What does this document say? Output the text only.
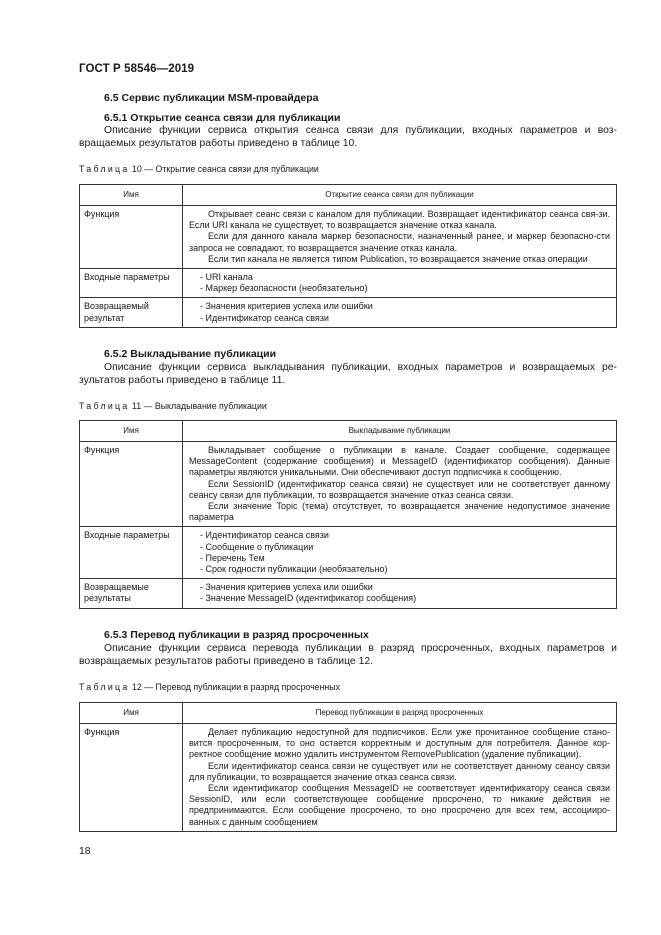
ГОСТ Р 58546—2019
6.5 Сервис публикации MSM-провайдера
6.5.1 Открытие сеанса связи для публикации
Описание функции сервиса открытия сеанса связи для публикации, входных параметров и воз-
вращаемых результатов работы приведено в таблице 10.
Таблица 10 — Открытие сеанса связи для публикации
Имя	Открытие сеанса связи для публикации
Функция	Открывает сеанс связи с каналом для публикации. Возвращает идентификатор сеанса свя-зи. Если URI канала не существует, то возвращается значение отказ канала.
Если для данного канала маркер безопасности, назначенный ранее, и маркер безопасно-сти запроса не совпадают, то возвращается значение отказ канала.
Если тип канала не является типом Publication, то возвращается значение отказ операции

Входные параметры	- URI канала
- Маркер безопасности (необязательно)

Возвращаемый результат	- Значения критериев успеха или ошибки
- Идентификатор сеанса связи
6.5.2 Выкладывание публикации
Описание функции сервиса выкладывания публикации, входных параметров и возвращаемых ре-
зультатов работы приведено в таблице 11.
Таблица 11 — Выкладывание публикации
Имя	Выкладывание публикации
Функция	Выкладывает сообщение о публикации в канале. Создает сообщение, содержащее MessageContent (содержание сообщения) и MessageID (идентификатор сообщения). Данные параметры являются уникальными. Они обеспечивают доступ подписчика к сообщению.
Если SessionID (идентификатор сеанса связи) не существует или не соответствует данному сеансу связи для публикации, то возвращается значение отказ сеанса связи.
Если значение Topic (тема) отсутствует, то возвращается значение недопустимое значение параметра

Входные параметры	- Идентификатор сеанса связи
- Сообщение о публикации
- Перечень Тем
- Срок годности публикации (необязательно)

Возвращаемые результаты	- Значения критериев успеха или ошибки
- Значение MessageID (идентификатор сообщения)
6.5.3 Перевод публикации в разряд просроченных
Описание функции сервиса перевода публикации в разряд просроченных, входных параметров и
возвращаемых результатов работы приведено в таблице 12.
Таблица 12 — Перевод публикации в разряд просроченных
Имя	Перевод публикации в разряд просроченных
Функция	Делает публикацию недоступной для подписчиков. Если уже прочитанное сообщение стано-вится просроченным, то оно остается корректным и доступным для потребителя. Данное кор-ректное сообщение можно удалить инструментом RemovePublication (удаление публикации).
Если идентификатор сеанса связи не существует или не соответствует данному сеансу связи для публикации, то возвращается значение отказ сеанса связи.
Если идентификатор сообщения MessageID не соответствует идентификатору сеанса связи SessionID, или если соответствующее сообщение просрочено, то никакие действия не предпринимаются. Если сообщение просрочено, то оно просрочено для всех тем, ассоцииро-ванных с данным сообщением
18
